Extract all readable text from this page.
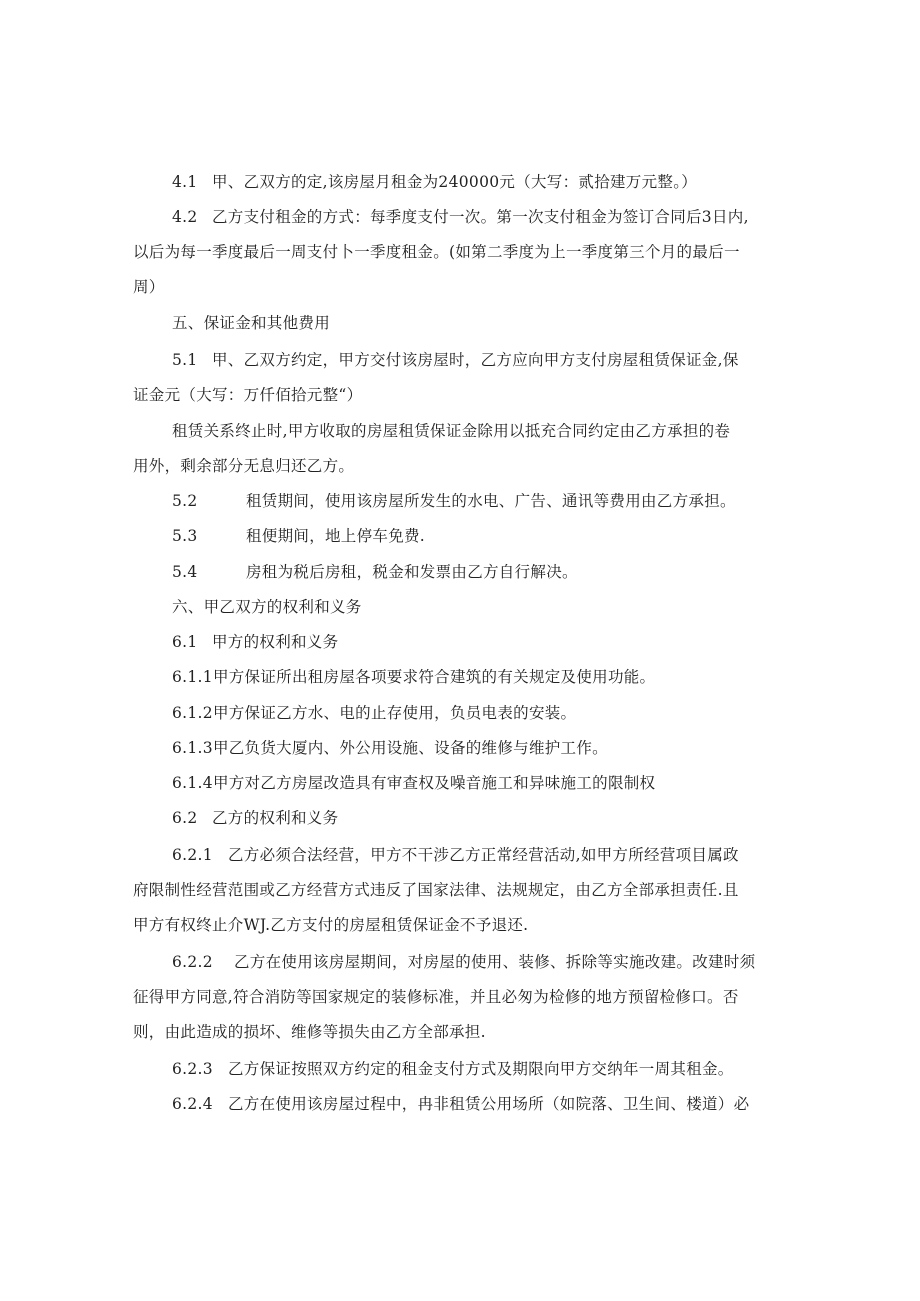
4.1 甲、乙双方的定,该房屋月租金为240000元（大写：贰拾建万元整。）
4.2 乙方支付租金的方式：每季度支付一次。第一次支付租金为签订合同后3日内,
以后为每一季度最后一周支付卜一季度租金。(如第二季度为上一季度第三个月的最后一
周）
五、保证金和其他费用
5.1 甲、乙双方约定，甲方交付该房屋时，乙方应向甲方支付房屋租赁保证金,保
证金元（大写：万仟佰拾元整“）
租赁关系终止时,甲方收取的房屋租赁保证金除用以抵充合同约定由乙方承担的卷
用外，剩余部分无息归还乙方。
5.2	租赁期间，使用该房屋所发生的水电、广告、通讯等费用由乙方承担。
5.3	租便期间，地上停车免费.
5.4	房租为税后房租，税金和发票由乙方自行解决。
六、甲乙双方的权利和义务
6.1 甲方的权利和义务
6.1.1甲方保证所出租房屋各项要求符合建筑的有关规定及使用功能。
6.1.2甲方保证乙方水、电的止存使用，负员电表的安装。
6.1.3甲乙负货大厦内、外公用设施、设备的维修与维护工作。
6.1.4甲方对乙方房屋改造具有审查权及噪音施工和异味施工的限制权
6.2 乙方的权利和义务
6.2.1 乙方必须合法经营，甲方不干涉乙方正常经营活动,如甲方所经营项目属政
府限制性经营范围或乙方经营方式违反了国家法律、法规规定，由乙方全部承担责任.且
甲方有权终止介WJ.乙方支付的房屋租赁保证金不予退还.
6.2.2 乙方在使用该房屋期间，对房屋的使用、装修、拆除等实施改建。改建时须
征得甲方同意,符合消防等国家规定的装修标准，并且必匆为检修的地方预留检修口。否
则，由此造成的损坏、维修等损失由乙方全部承担.
6.2.3 乙方保证按照双方约定的租金支付方式及期限向甲方交纳年一周其租金。
6.2.4 乙方在使用该房屋过程中，冉非租赁公用场所（如院落、卫生间、楼道）必
